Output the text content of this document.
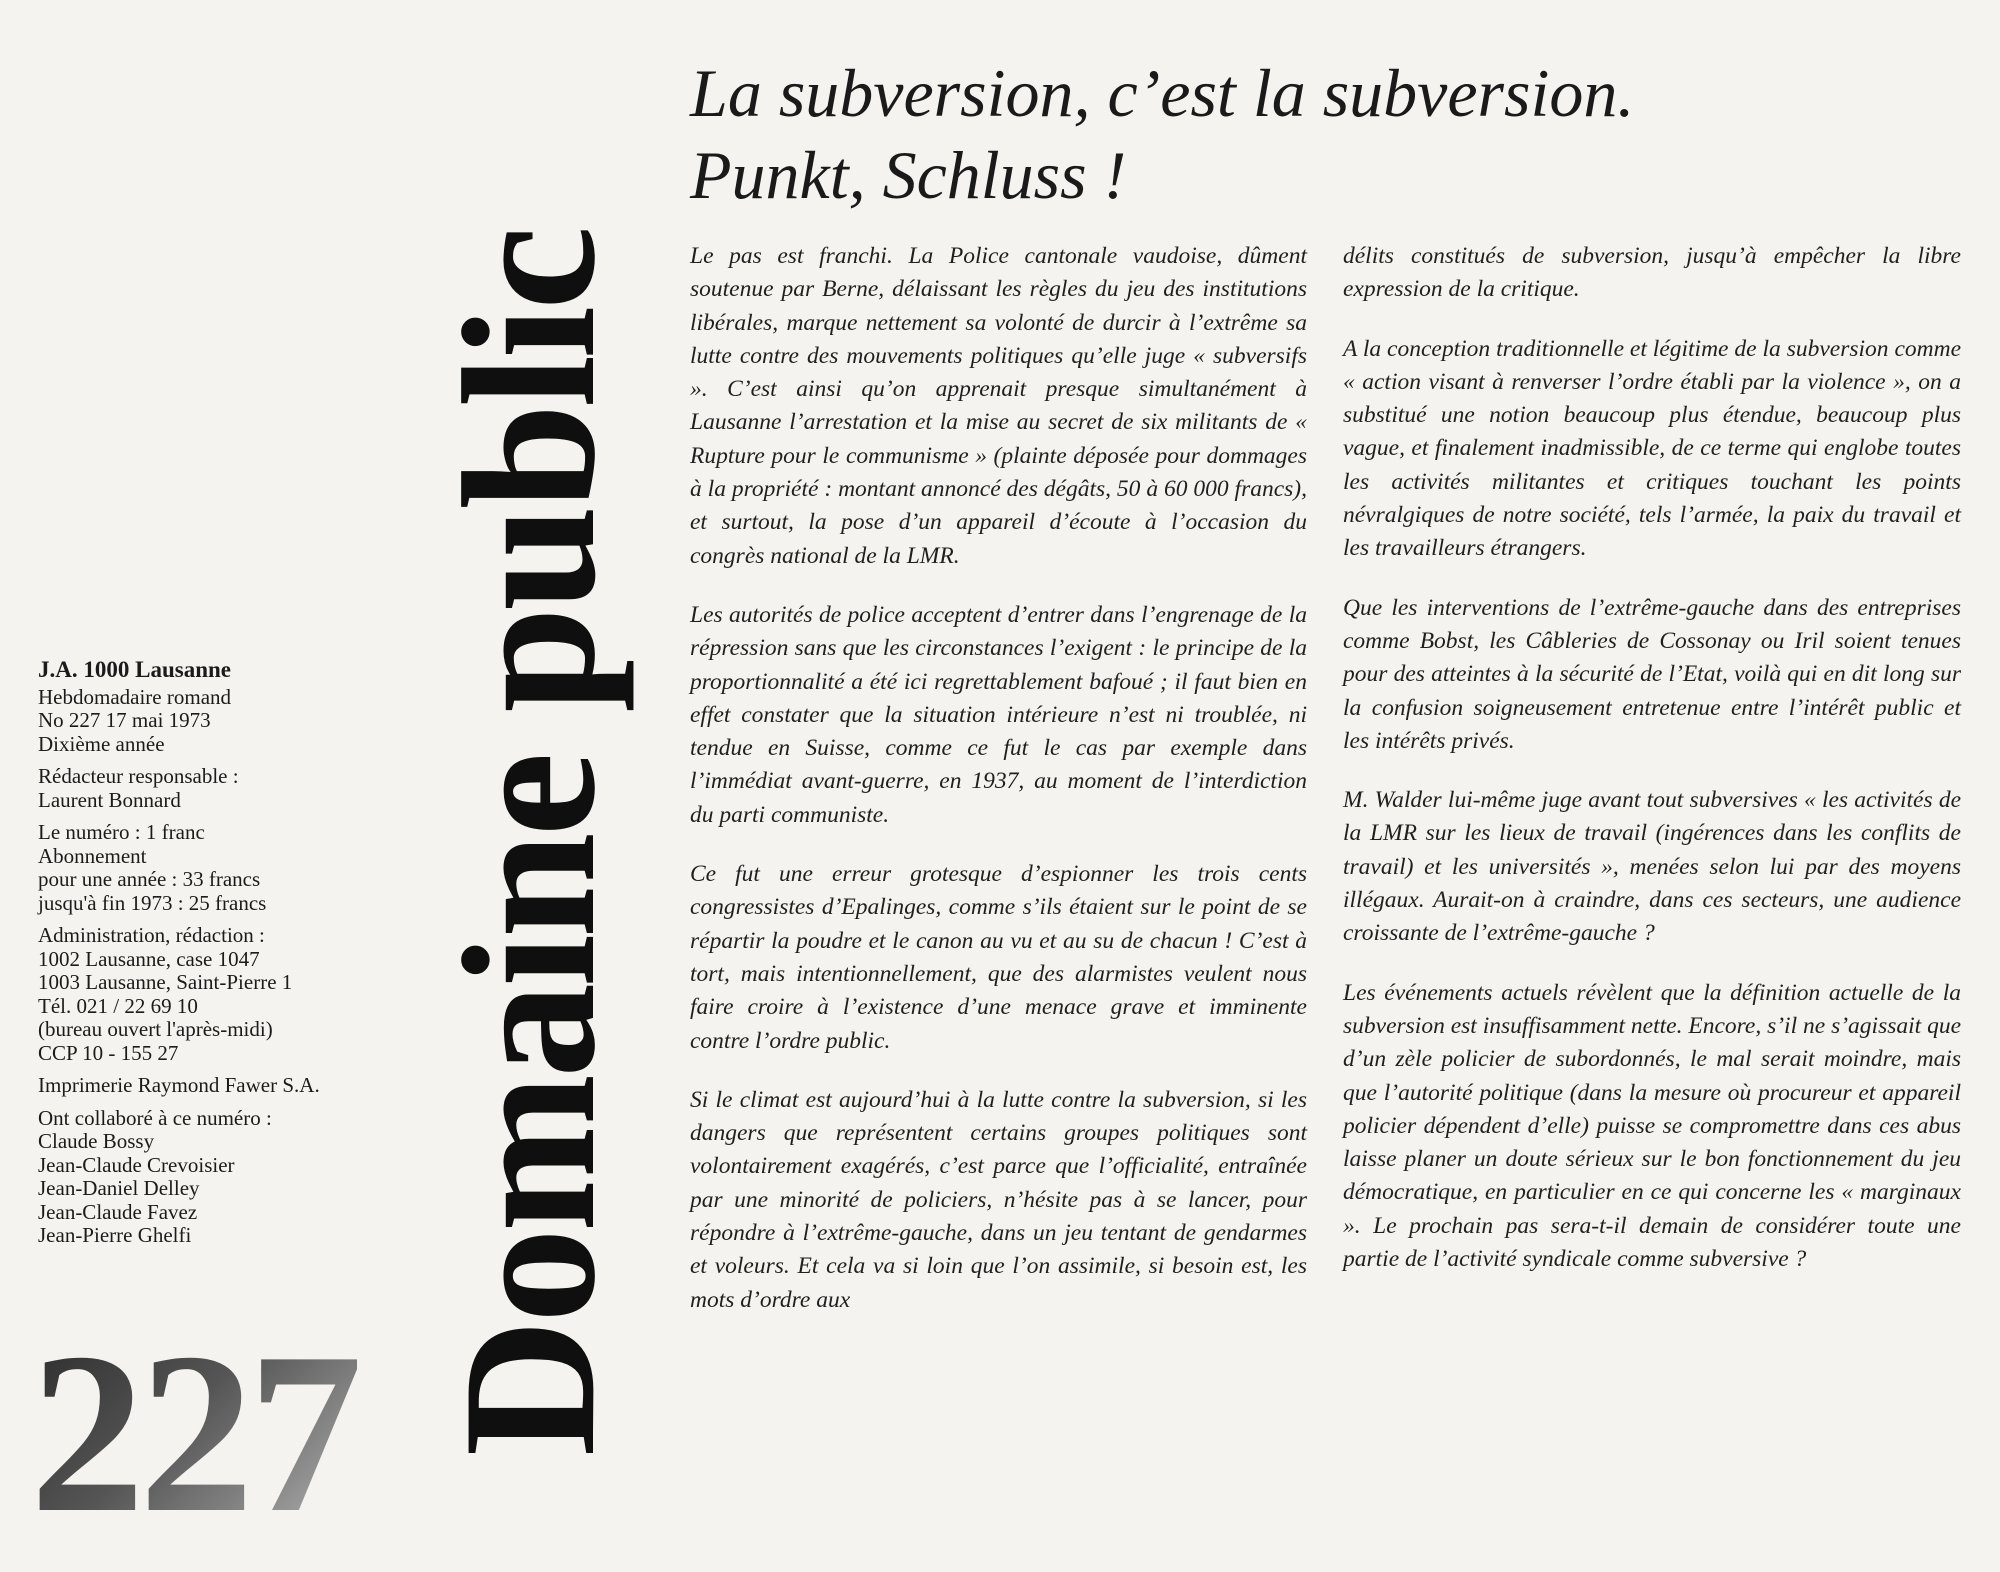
J.A. 1000 Lausanne
Hebdomadaire romand
No 227 17 mai 1973
Dixième année
Rédacteur responsable :
Laurent Bonnard
Le numéro : 1 franc
Abonnement
pour une année : 33 francs
jusqu'à fin 1973 : 25 francs
Administration, rédaction :
1002 Lausanne, case 1047
1003 Lausanne, Saint-Pierre 1
Tél. 021 / 22 69 10
(bureau ouvert l'après-midi)
CCP 10 - 155 27
Imprimerie Raymond Fawer S.A.
Ont collaboré à ce numéro :
Claude Bossy
Jean-Claude Crevoisier
Jean-Daniel Delley
Jean-Claude Favez
Jean-Pierre Ghelfi
227 Domaine public
La subversion, c’est la subversion.
Punkt, Schluss !

Le pas est franchi. La Police cantonale vaudoise, dûment soutenue par Berne, délaissant les règles du jeu des institutions libérales, marque nettement sa volonté de durcir à l’extrême sa lutte contre des mouvements politiques qu’elle juge « subversifs ». C’est ainsi qu’on apprenait presque simultanément à Lausanne l’arrestation et la mise au secret de six militants de « Rupture pour le communisme » (plainte déposée pour dommages à la propriété : montant annoncé des dégâts, 50 à 60 000 francs), et surtout, la pose d’un appareil d’écoute à l’occasion du congrès national de la LMR.

Les autorités de police acceptent d’entrer dans l’engrenage de la répression sans que les circonstances l’exigent : le principe de la proportionnalité a été ici regrettablement bafoué ; il faut bien en effet constater que la situation intérieure n’est ni troublée, ni tendue en Suisse, comme ce fut le cas par exemple dans l’immédiat avant-guerre, en 1937, au moment de l’interdiction du parti communiste.

Ce fut une erreur grotesque d’espionner les trois cents congressistes d’Epalinges, comme s’ils étaient sur le point de se répartir la poudre et le canon au vu et au su de chacun ! C’est à tort, mais intentionnellement, que des alarmistes veulent nous faire croire à l’existence d’une menace grave et imminente contre l’ordre public.

Si le climat est aujourd’hui à la lutte contre la subversion, si les dangers que représentent certains groupes politiques sont volontairement exagérés, c’est parce que l’officialité, entraînée par une minorité de policiers, n’hésite pas à se lancer, pour répondre à l’extrême-gauche, dans un jeu tentant de gendarmes et voleurs. Et cela va si loin que l’on assimile, si besoin est, les mots d’ordre aux

délits constitués de subversion, jusqu’à empêcher la libre expression de la critique.

A la conception traditionnelle et légitime de la subversion comme « action visant à renverser l’ordre établi par la violence », on a substitué une notion beaucoup plus étendue, beaucoup plus vague, et finalement inadmissible, de ce terme qui englobe toutes les activités militantes et critiques touchant les points névralgiques de notre société, tels l’armée, la paix du travail et les travailleurs étrangers.

Que les interventions de l’extrême-gauche dans des entreprises comme Bobst, les Câbleries de Cossonay ou Iril soient tenues pour des atteintes à la sécurité de l’Etat, voilà qui en dit long sur la confusion soigneusement entretenue entre l’intérêt public et les intérêts privés.

M. Walder lui-même juge avant tout subversives « les activités de la LMR sur les lieux de travail (ingérences dans les conflits de travail) et les universités », menées selon lui par des moyens illégaux. Aurait-on à craindre, dans ces secteurs, une audience croissante de l’extrême-gauche ?

Les événements actuels révèlent que la définition actuelle de la subversion est insuffisamment nette. Encore, s’il ne s’agissait que d’un zèle policier de subordonnés, le mal serait moindre, mais que l’autorité politique (dans la mesure où procureur et appareil policier dépendent d’elle) puisse se compromettre dans ces abus laisse planer un doute sérieux sur le bon fonctionnement du jeu démocratique, en particulier en ce qui concerne les « marginaux ». Le prochain pas sera-t-il demain de considérer toute une partie de l’activité syndicale comme subversive ?
